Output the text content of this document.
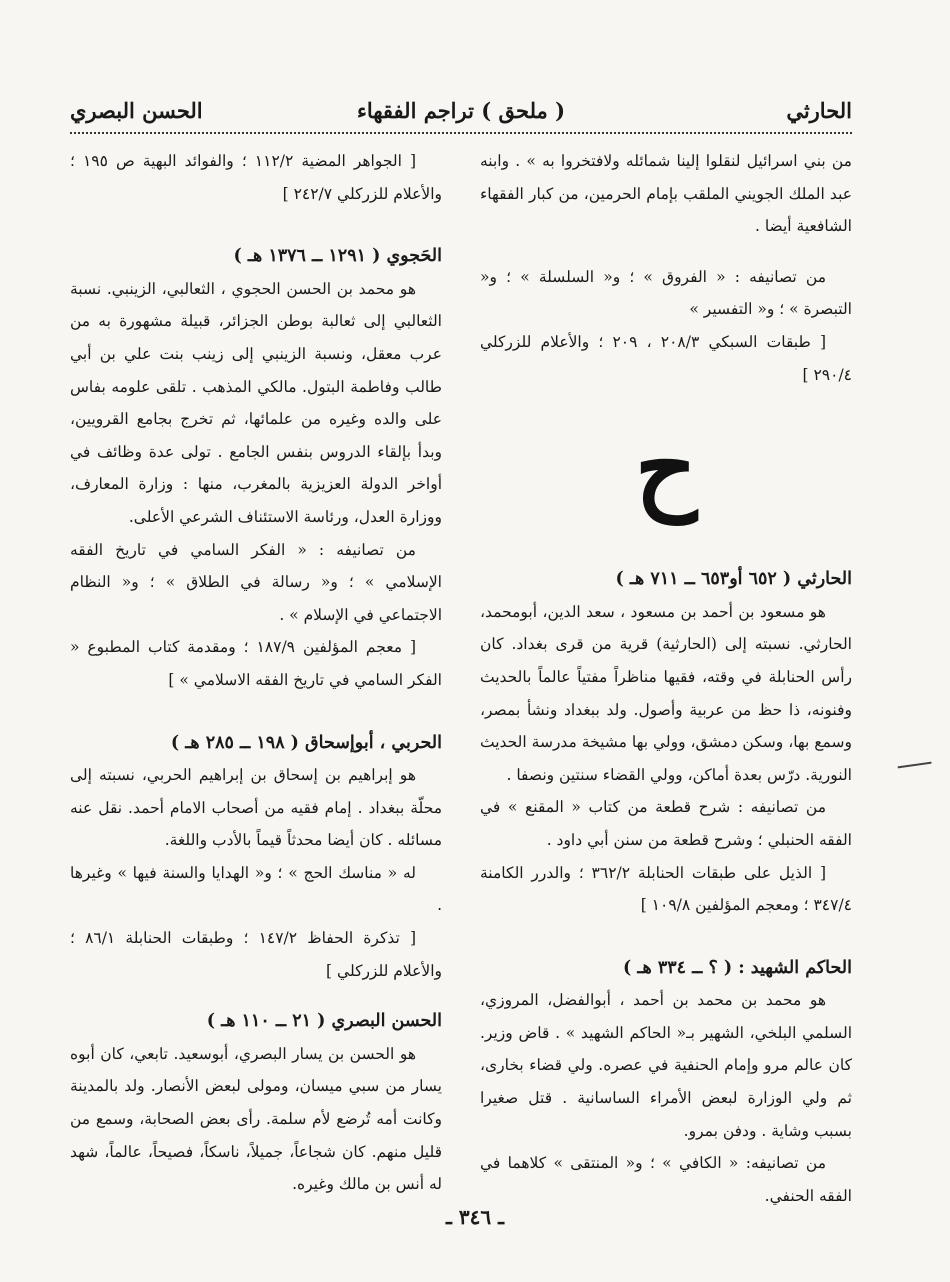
الحارثي
( ملحق ) تراجم الفقهاء
الحسن البصري

من بني اسرائيل لنقلوا إلينا شمائله ولافتخروا به » . وابنه عبد الملك الجويني الملقب بإمام الحرمين، من كبار الفقهاء الشافعية أيضا .

من تصانيفه : « الفروق » ؛ و« السلسلة » ؛ و« التبصرة » ؛ و« التفسير »

[ طبقات السبكي ٢٠٨/٣ ، ٢٠٩ ؛ والأعلام للزركلي ٢٩٠/٤ ]

ح

الحارثي ( ٦٥٢ أو٦٥٣ ــ ٧١١ هـ )

هو مسعود بن أحمد بن مسعود ، سعد الدين، أبومحمد، الحارثي. نسبته إلى (الحارثية) قرية من قرى بغداد. كان رأس الحنابلة في وقته، فقيها مناظراً مفتياً عالماً بالحديث وفنونه، ذا حظ من عربية وأصول. ولد ببغداد ونشأ بمصر، وسمع بها، وسكن دمشق، وولي بها مشيخة مدرسة الحديث النورية. درّس بعدة أماكن، وولي القضاء سنتين ونصفا .

من تصانيفه : شرح قطعة من كتاب « المقنع » في الفقه الحنبلي ؛ وشرح قطعة من سنن أبي داود .

[ الذيل على طبقات الحنابلة ٣٦٢/٢ ؛ والدرر الكامنة ٣٤٧/٤ ؛ ومعجم المؤلفين ١٠٩/٨ ]

الحاكم الشهيد : ( ؟ ــ ٣٣٤ هـ )

هو محمد بن محمد بن أحمد ، أبوالفضل، المروزي، السلمي البلخي، الشهير بـ« الحاكم الشهيد » . قاض وزير. كان عالم مرو وإمام الحنفية في عصره. ولي قضاء بخارى، ثم ولي الوزارة لبعض الأمراء الساسانية . قتل صغيرا بسبب وشاية . ودفن بمرو.

من تصانيفه: « الكافي » ؛ و« المنتقى » كلاهما في الفقه الحنفي.

[ الجواهر المضية ١١٢/٢ ؛ والفوائد البهية ص ١٩٥ ؛ والأعلام للزركلي ٢٤٢/٧ ]

الحَجوي ( ١٢٩١ ــ ١٣٧٦ هـ )

هو محمد بن الحسن الحجوي ، الثعالبي، الزينبي. نسبة الثعالبي إلى ثعالبة بوطن الجزائر، قبيلة مشهورة به من عرب معقل، ونسبة الزينبي إلى زينب بنت علي بن أبي طالب وفاطمة البتول. مالكي المذهب . تلقى علومه بفاس على والده وغيره من علمائها، ثم تخرج بجامع القرويين، وبدأ بإلقاء الدروس بنفس الجامع . تولى عدة وظائف في أواخر الدولة العزيزية بالمغرب، منها : وزارة المعارف، ووزارة العدل، ورئاسة الاستئناف الشرعي الأعلى.

من تصانيفه : « الفكر السامي في تاريخ الفقه الإسلامي » ؛ و« رسالة في الطلاق » ؛ و« النظام الاجتماعي في الإسلام » .

[ معجم المؤلفين ١٨٧/٩ ؛ ومقدمة كتاب المطبوع « الفكر السامي في تاريخ الفقه الاسلامي » ]

الحربي ، أبوإسحاق ( ١٩٨ ــ ٢٨٥ هـ )

هو إبراهيم بن إسحاق بن إبراهيم الحربي، نسبته إلى محلّة ببغداد . إمام فقيه من أصحاب الامام أحمد. نقل عنه مسائله . كان أيضا محدثاً قيماً بالأدب واللغة.

له « مناسك الحج » ؛ و« الهدايا والسنة فيها » وغيرها .

[ تذكرة الحفاظ ١٤٧/٢ ؛ وطبقات الحنابلة ٨٦/١ ؛ والأعلام للزركلي ]

الحسن البصري ( ٢١ ــ ١١٠ هـ )

هو الحسن بن يسار البصري، أبوسعيد. تابعي، كان أبوه يسار من سبي ميسان، ومولى لبعض الأنصار. ولد بالمدينة وكانت أمه تُرضع لأم سلمة. رأى بعض الصحابة، وسمع من قليل منهم. كان شجاعاً، جميلاً، ناسكاً، فصيحاً، عالماً، شهد له أنس بن مالك وغيره.

ـ ٣٤٦ ـ
